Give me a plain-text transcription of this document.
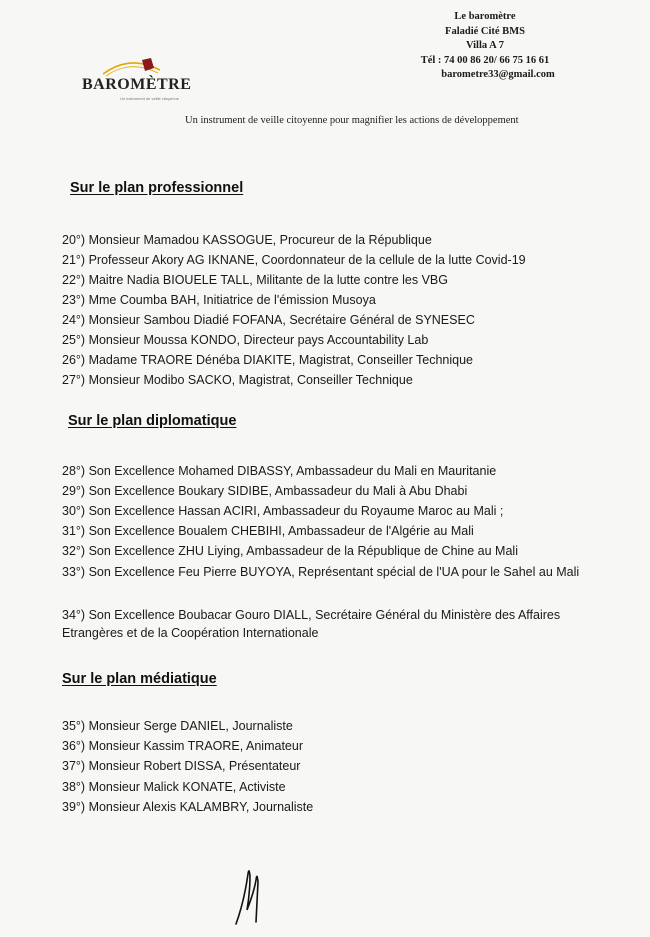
BAROMÈTRE
Un instrument de veille citoyenne
Le baromètre
Faladié Cité BMS
Villa A 7
Tél : 74 00 86 20/ 66 75 16 61
barometre33@gmail.com
Un instrument de veille citoyenne pour magnifier les actions de développement
Sur le plan professionnel
20°) Monsieur Mamadou KASSOGUE, Procureur de la République
21°) Professeur Akory AG IKNANE, Coordonnateur de la cellule de la lutte Covid-19
22°) Maitre Nadia BIOUELE TALL, Militante de la lutte contre les VBG
23°) Mme Coumba BAH, Initiatrice de l'émission Musoya
24°) Monsieur Sambou Diadié FOFANA, Secrétaire Général de SYNESEC
25°) Monsieur Moussa KONDO, Directeur pays Accountability Lab
26°) Madame TRAORE Dénéba DIAKITE, Magistrat, Conseiller Technique
27°) Monsieur Modibo SACKO, Magistrat, Conseiller Technique
Sur le plan diplomatique
28°) Son Excellence Mohamed DIBASSY, Ambassadeur du Mali en Mauritanie
29°) Son Excellence Boukary SIDIBE, Ambassadeur du Mali à Abu Dhabi
30°) Son Excellence Hassan ACIRI, Ambassadeur du Royaume Maroc au Mali ;
31°) Son Excellence Boualem CHEBIHI, Ambassadeur de l'Algérie au Mali
32°) Son Excellence ZHU Liying, Ambassadeur de la République de Chine au Mali
33°) Son Excellence Feu Pierre BUYOYA, Représentant spécial de l'UA pour le Sahel au Mali
34°) Son Excellence Boubacar Gouro DIALL, Secrétaire Général du Ministère des Affaires Etrangères et de la Coopération Internationale
Sur le plan médiatique
35°) Monsieur Serge DANIEL, Journaliste
36°) Monsieur Kassim TRAORE, Animateur
37°) Monsieur Robert DISSA, Présentateur
38°) Monsieur Malick KONATE, Activiste
39°) Monsieur Alexis KALAMBRY, Journaliste
